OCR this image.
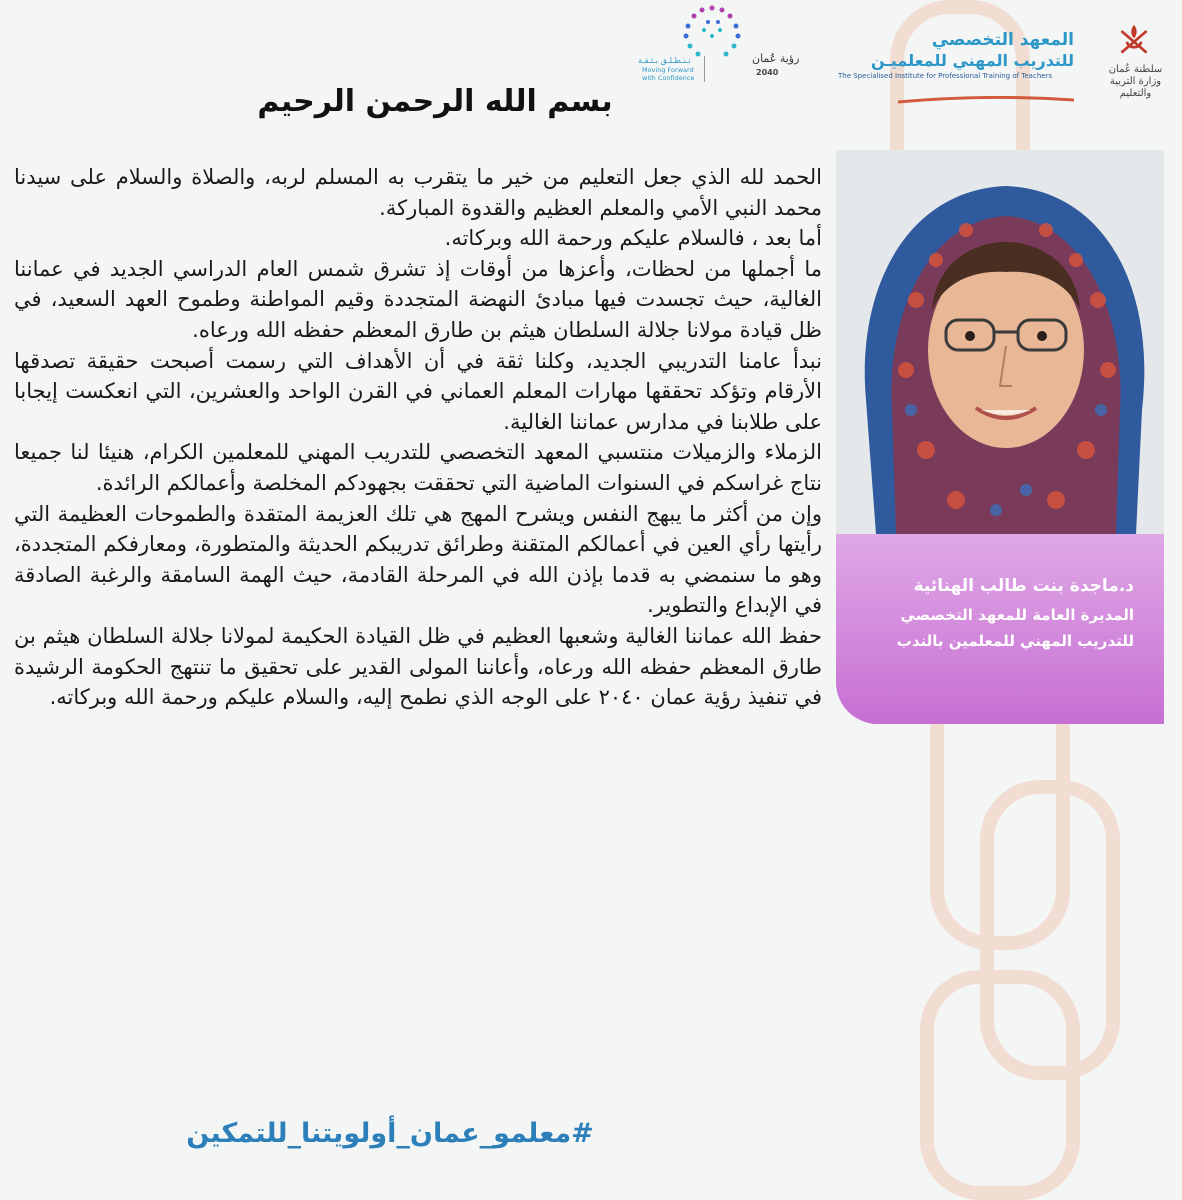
سلطنة عُمان
وزارة التربية والتعليم
المعهد التخصصي
للتدريب المهني للمعلميـن
The Specialised Institute for Professional Training of Teachers
رؤية عُمان
2040
نـنـطـلـق بـثـقـة
Moving Forward with Confidence
بسم الله الرحمن الرحيم

الحمد لله الذي جعل التعليم من خير ما يتقرب به المسلم لربه، والصلاة والسلام على سيدنا محمد النبي الأمي والمعلم العظيم والقدوة المباركة.

أما بعد ، فالسلام عليكم ورحمة الله وبركاته.

ما أجملها من لحظات، وأعزها من أوقات إذ تشرق شمس العام الدراسي الجديد في عماننا الغالية، حيث تجسدت فيها مبادئ النهضة المتجددة وقيم المواطنة وطموح العهد السعيد، في ظل قيادة مولانا جلالة السلطان هيثم بن طارق المعظم حفظه الله ورعاه.

نبدأ عامنا التدريبي الجديد، وكلنا ثقة في أن الأهداف التي رسمت أصبحت حقيقة تصدقها الأرقام وتؤكد تحققها مهارات المعلم العماني في القرن الواحد والعشرين، التي انعكست إيجابا على طلابنا في مدارس عماننا الغالية.

الزملاء والزميلات منتسبي المعهد التخصصي للتدريب المهني للمعلمين الكرام، هنيئا لنا جميعا نتاج غراسكم في السنوات الماضية التي تحققت بجهودكم المخلصة وأعمالكم الرائدة.

وإن من أكثر ما يبهج النفس ويشرح المهج هي تلك العزيمة المتقدة والطموحات العظيمة التي رأيتها رأي العين في أعمالكم المتقنة وطرائق تدريبكم الحديثة والمتطورة، ومعارفكم المتجددة، وهو ما سنمضي به قدما بإذن الله في المرحلة القادمة، حيث الهمة السامقة والرغبة الصادقة في الإبداع والتطوير.

حفظ الله عماننا الغالية وشعبها العظيم في ظل القيادة الحكيمة لمولانا جلالة السلطان هيثم بن طارق المعظم حفظه الله ورعاه، وأعاننا المولى القدير على تحقيق ما تنتهج الحكومة الرشيدة في تنفيذ رؤية عمان ٢٠٤٠ على الوجه الذي نطمح إليه، والسلام عليكم ورحمة الله وبركاته.

#معلمو_عمان_أولويتنا_للتمكين
د.ماجدة بنت طالب الهنائية
المديرة العامة للمعهد التخصصي
للتدريب المهني للمعلمين بالندب
